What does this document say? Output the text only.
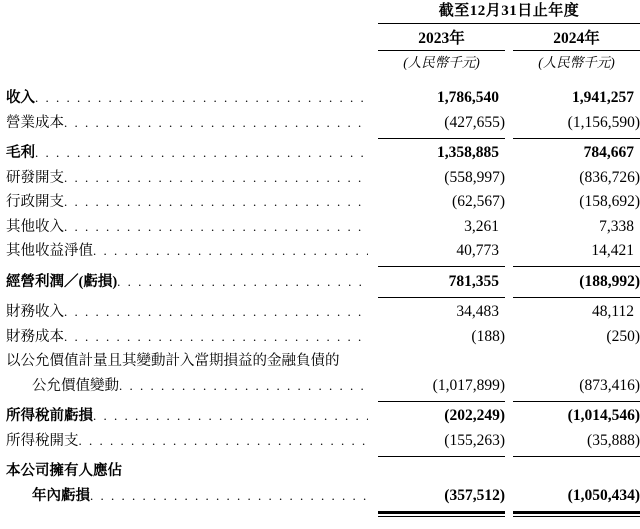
截至12月31日止年度
2023年	2024年
(人民幣千元)	(人民幣千元)
收入 . . .	1,786,540	1,941,257
營業成本 . . .	(427,655)	(1,156,590)
毛利 . . .	1,358,885	784,667
研發開支 . . .	(558,997)	(836,726)
行政開支 . . .	(62,567)	(158,692)
其他收入 . . .	3,261	7,338
其他收益淨值 . . .	40,773	14,421
經營利潤／(虧損) . . .	781,355	(188,992)
財務收入 . . .	34,483	48,112
財務成本 . . .	(188)	(250)
以公允價值計量且其變動計入當期損益的金融負債的
公允價值變動 . . .	(1,017,899)	(873,416)
所得稅前虧損 . . .	(202,249)	(1,014,546)
所得稅開支 . . .	(155,263)	(35,888)
本公司擁有人應佔
年內虧損 . . .	(357,512)	(1,050,434)
